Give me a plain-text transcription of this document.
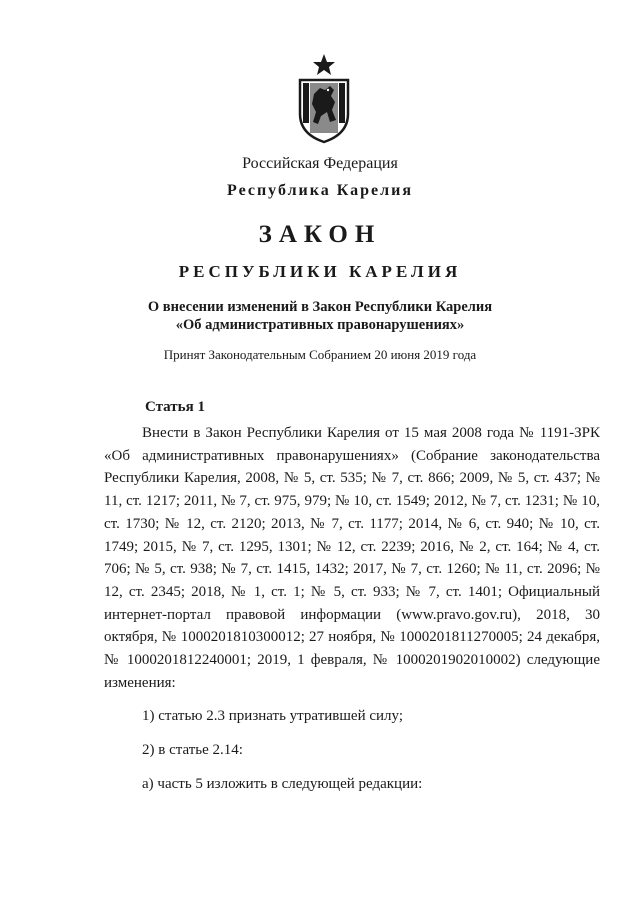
Российская Федерация
Республика Карелия
ЗАКОН
РЕСПУБЛИКИ КАРЕЛИЯ
О внесении изменений в Закон Республики Карелия
«Об административных правонарушениях»
Принят Законодательным Собранием 20 июня 2019 года
Статья 1

Внести в Закон Республики Карелия от 15 мая 2008 года № 1191-ЗРК «Об административных правонарушениях» (Собрание законодательства Республики Карелия, 2008, № 5, ст. 535; № 7, ст. 866; 2009, № 5, ст. 437; № 11, ст. 1217; 2011, № 7, ст. 975, 979; № 10, ст. 1549; 2012, № 7, ст. 1231; № 10, ст. 1730; № 12, ст. 2120; 2013, № 7, ст. 1177; 2014, № 6, ст. 940; № 10, ст. 1749; 2015, № 7, ст. 1295, 1301; № 12, ст. 2239; 2016, № 2, ст. 164; № 4, ст. 706; № 5, ст. 938; № 7, ст. 1415, 1432; 2017, № 7, ст. 1260; № 11, ст. 2096; № 12, ст. 2345; 2018, № 1, ст. 1; № 5, ст. 933; № 7, ст. 1401; Официальный интернет-портал правовой информации (www.pravo.gov.ru), 2018, 30 октября, № 1000201810300012; 27 ноября, № 1000201811270005; 24 декабря, № 1000201812240001; 2019, 1 февраля, № 1000201902010002) следующие изменения:

1) статью 2.3 признать утратившей силу;

2) в статье 2.14:

а) часть 5 изложить в следующей редакции:
